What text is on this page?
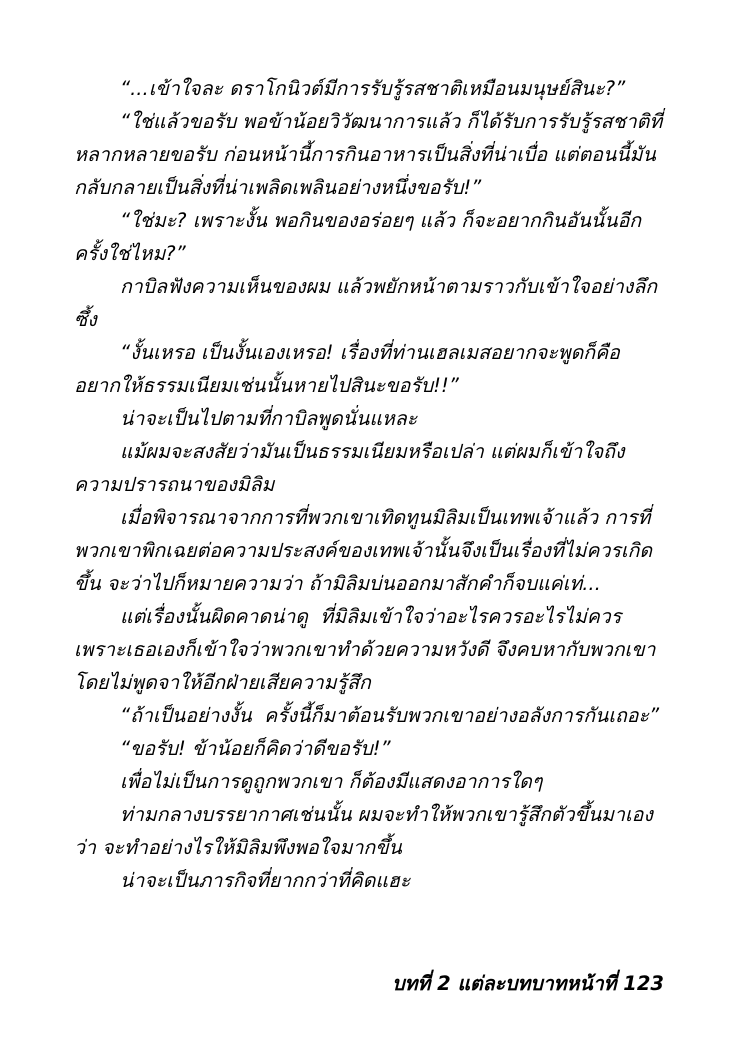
“...เข้าใจละ ดราโกนิวต์มีการรับรู้รสชาติเหมือนมนุษย์สินะ?”

“ใช่แล้วขอรับ พอข้าน้อยวิวัฒนาการแล้ว ก็ได้รับการรับรู้รสชาติที่หลากหลายขอรับ ก่อนหน้านี้การกินอาหารเป็นสิ่งที่น่าเบื่อ แต่ตอนนี้มันกลับกลายเป็นสิ่งที่น่าเพลิดเพลินอย่างหนึ่งขอรับ!”

“ใช่มะ? เพราะงั้น พอกินของอร่อยๆ แล้ว ก็จะอยากกินอันนั้นอีกครั้งใช่ไหม?”

กาบิลฟังความเห็นของผม แล้วพยักหน้าตามราวกับเข้าใจอย่างลึกซึ้ง

“งั้นเหรอ เป็นงั้นเองเหรอ! เรื่องที่ท่านเฮลเมสอยากจะพูดก็คืออยากให้ธรรมเนียมเช่นนั้นหายไปสินะขอรับ!!”

น่าจะเป็นไปตามที่กาบิลพูดนั่นแหละ

แม้ผมจะสงสัยว่ามันเป็นธรรมเนียมหรือเปล่า แต่ผมก็เข้าใจถึงความปรารถนาของมิลิม

เมื่อพิจารณาจากการที่พวกเขาเทิดทูนมิลิมเป็นเทพเจ้าแล้ว การที่พวกเขาพิกเฉยต่อความประสงค์ของเทพเจ้านั้นจึงเป็นเรื่องที่ไม่ควรเกิดขึ้น จะว่าไปก็หมายความว่า ถ้ามิลิมบ่นออกมาสักคำก็จบแค่เท่...

แต่เรื่องนั้นผิดคาดน่าดู  ที่มิลิมเข้าใจว่าอะไรควรอะไรไม่ควร เพราะเธอเองก็เข้าใจว่าพวกเขาทำด้วยความหวังดี จึงคบหากับพวกเขาโดยไม่พูดจาให้อีกฝ่ายเสียความรู้สึก

“ถ้าเป็นอย่างงั้น  ครั้งนี้ก็มาต้อนรับพวกเขาอย่างอลังการกันเถอะ”

“ขอรับ! ข้าน้อยก็คิดว่าดีขอรับ!”

เพื่อไม่เป็นการดูถูกพวกเขา ก็ต้องมีแสดงอาการใดๆ

ท่ามกลางบรรยากาศเช่นนั้น ผมจะทำให้พวกเขารู้สึกตัวขึ้นมาเองว่า จะทำอย่างไรให้มิลิมพึงพอใจมากขึ้น

น่าจะเป็นภารกิจที่ยากกว่าที่คิดแฮะ

บทที่ 2 แต่ละบทบาทหน้าที่ 123
